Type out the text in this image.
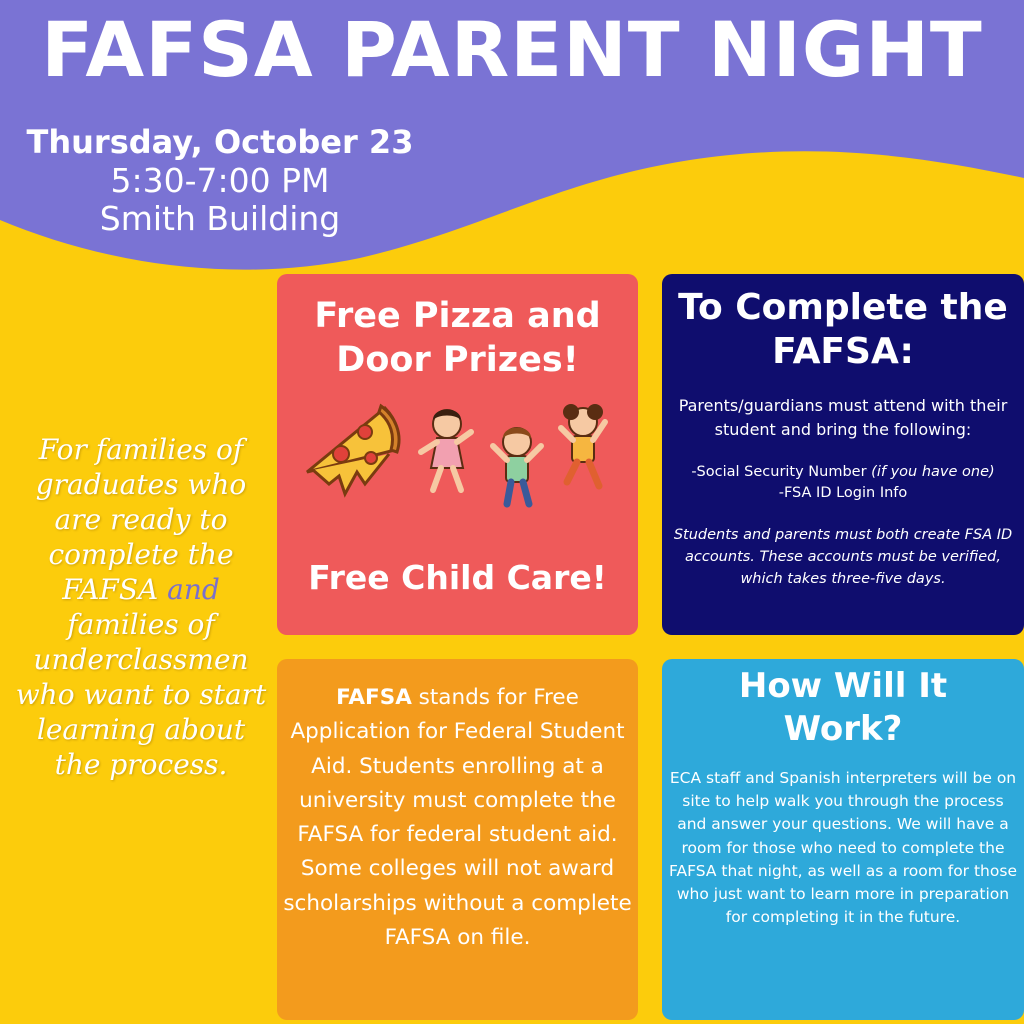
FAFSA PARENT NIGHT
Thursday, October 23
5:30-7:00 PM
Smith Building
For families of graduates who are ready to complete the FAFSA and families of underclassmen who want to start learning about the process.
Free Pizza and
Door Prizes!
Free Child Care!
To Complete the
FAFSA:
Parents/guardians must attend with their student and bring the following:
-Social Security Number (if you have one)
-FSA ID Login Info
Students and parents must both create FSA ID accounts. These accounts must be verified, which takes three-five days.
FAFSA stands for Free Application for Federal Student Aid. Students enrolling at a university must complete the FAFSA for federal student aid. Some colleges will not award scholarships without a complete FAFSA on file.
How Will It
Work?
ECA staff and Spanish interpreters will be on site to help walk you through the process and answer your questions. We will have a room for those who need to complete the FAFSA that night, as well as a room for those who just want to learn more in preparation for completing it in the future.
